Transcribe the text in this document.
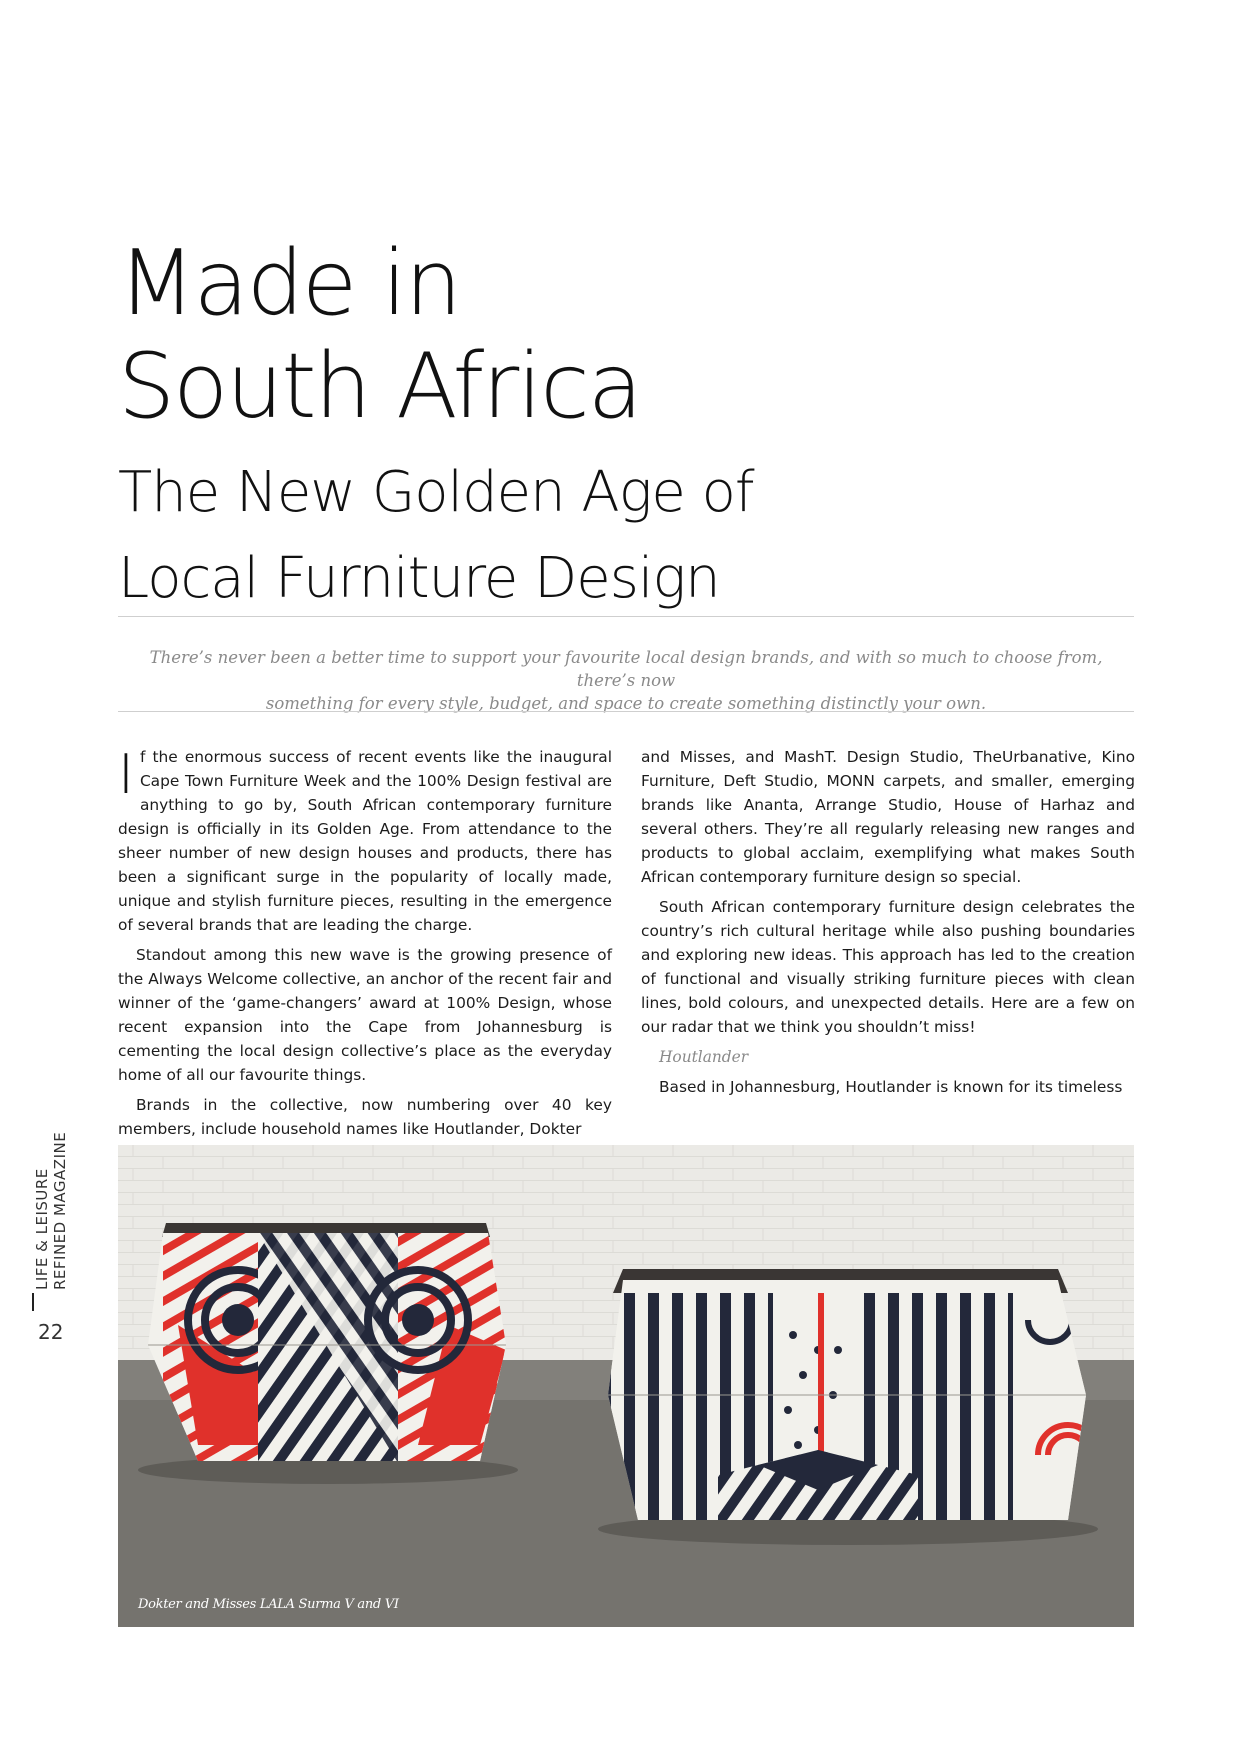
Made in
South Africa
The New Golden Age of
Local Furniture Design
There’s never been a better time to support your favourite local design brands, and with so much to choose from, there’s now
something for every style, budget, and space to create something distinctly your own.

If the enormous success of recent events like the inaugural Cape Town Furniture Week and the 100% Design festival are anything to go by, South African contemporary furniture design is officially in its Golden Age. From attendance to the sheer number of new design houses and products, there has been a significant surge in the popularity of locally made, unique and stylish furniture pieces, resulting in the emergence of several brands that are leading the charge.

Standout among this new wave is the growing presence of the Always Welcome collective, an anchor of the recent fair and winner of the ‘game-changers’ award at 100% Design, whose recent expansion into the Cape from Johannesburg is cementing the local design collective’s place as the everyday home of all our favourite things.

Brands in the collective, now numbering over 40 key members, include household names like Houtlander, Dokter

and Misses, and MashT. Design Studio, TheUrbanative, Kino Furniture, Deft Studio, MONN carpets, and smaller, emerging brands like Ananta, Arrange Studio, House of Harhaz and several others. They’re all regularly releasing new ranges and products to global acclaim, exemplifying what makes South African contemporary furniture design so special.

South African contemporary furniture design celebrates the country’s rich cultural heritage while also pushing boundaries and exploring new ideas. This approach has led to the creation of functional and visually striking furniture pieces with clean lines, bold colours, and unexpected details. Here are a few on our radar that we think you shouldn’t miss!

Houtlander

Based in Johannesburg, Houtlander is known for its timeless

LIFE & LEISURE REFINED MAGAZINE
22
Dokter and Misses LALA Surma V and VI
